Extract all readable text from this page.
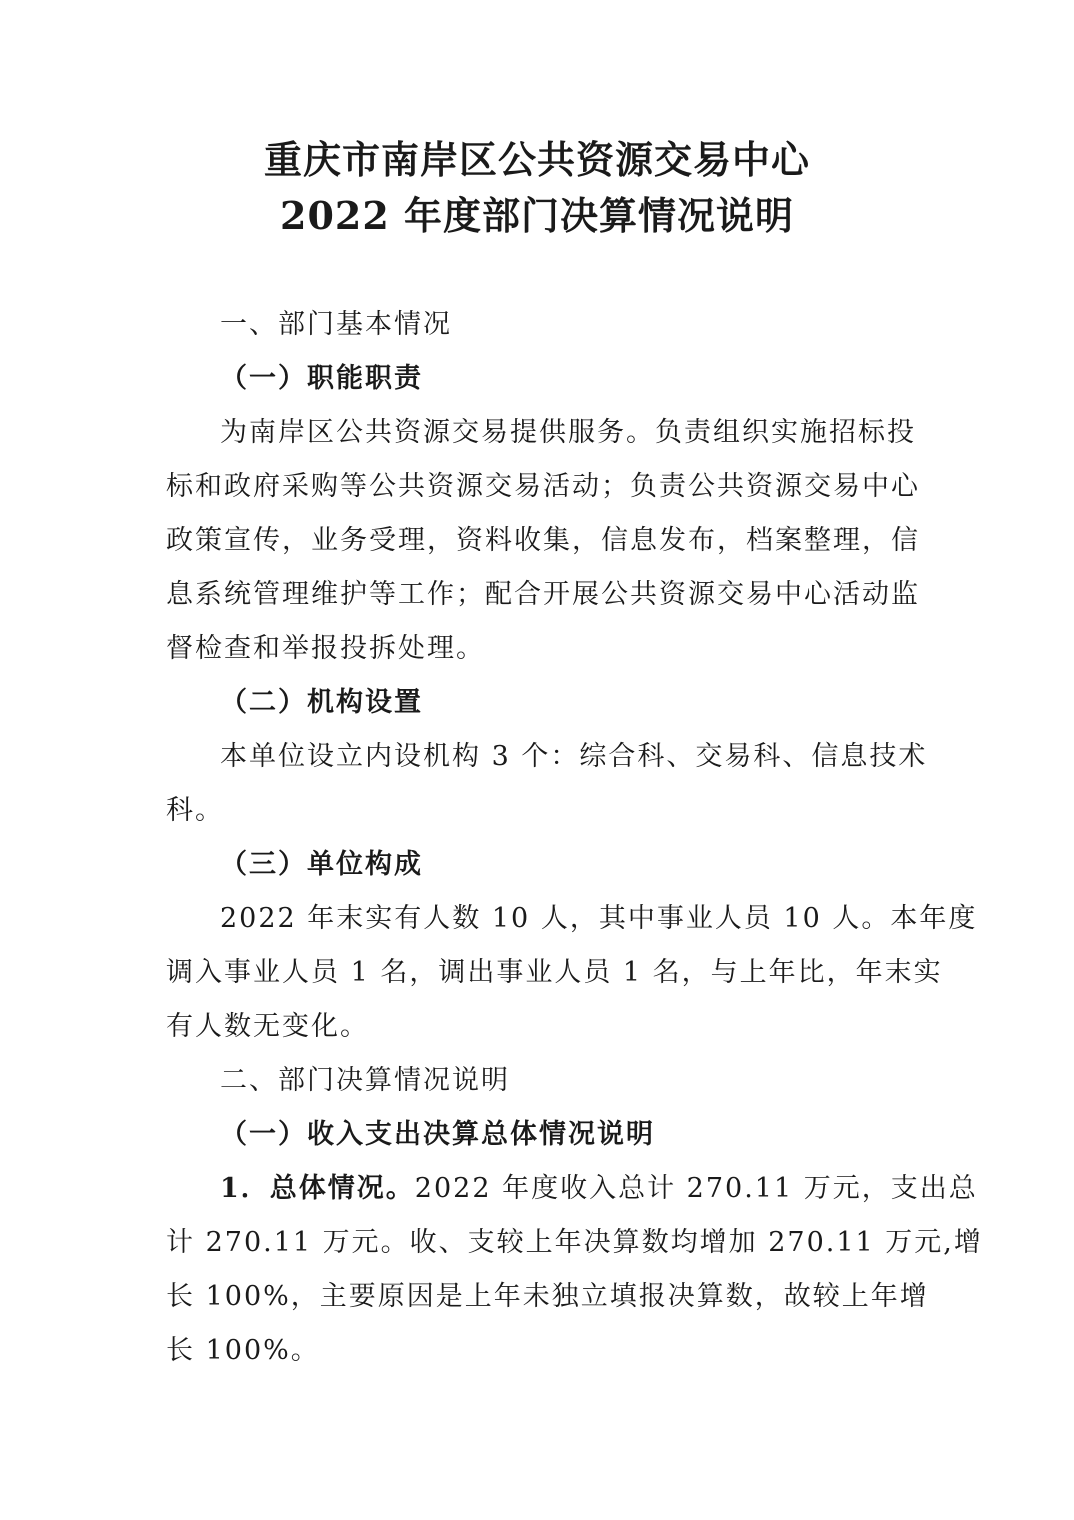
重庆市南岸区公共资源交易中心
2022 年度部门决算情况说明
一、部门基本情况
（一）职能职责
为南岸区公共资源交易提供服务。负责组织实施招标投
标和政府采购等公共资源交易活动；负责公共资源交易中心
政策宣传，业务受理，资料收集，信息发布，档案整理，信
息系统管理维护等工作；配合开展公共资源交易中心活动监
督检查和举报投拆处理。
（二）机构设置
本单位设立内设机构 3 个：综合科、交易科、信息技术
科。
（三）单位构成
2022 年末实有人数 10 人，其中事业人员 10 人。本年度
调入事业人员 1 名，调出事业人员 1 名，与上年比，年末实
有人数无变化。
二、部门决算情况说明
（一）收入支出决算总体情况说明
1．总体情况。 2022 年度收入总计 270.11 万元，支出总
计 270.11 万元。收、支较上年决算数均增加 270.11 万元,增
长 100%，主要原因是上年未独立填报决算数，故较上年增
长 100%。
